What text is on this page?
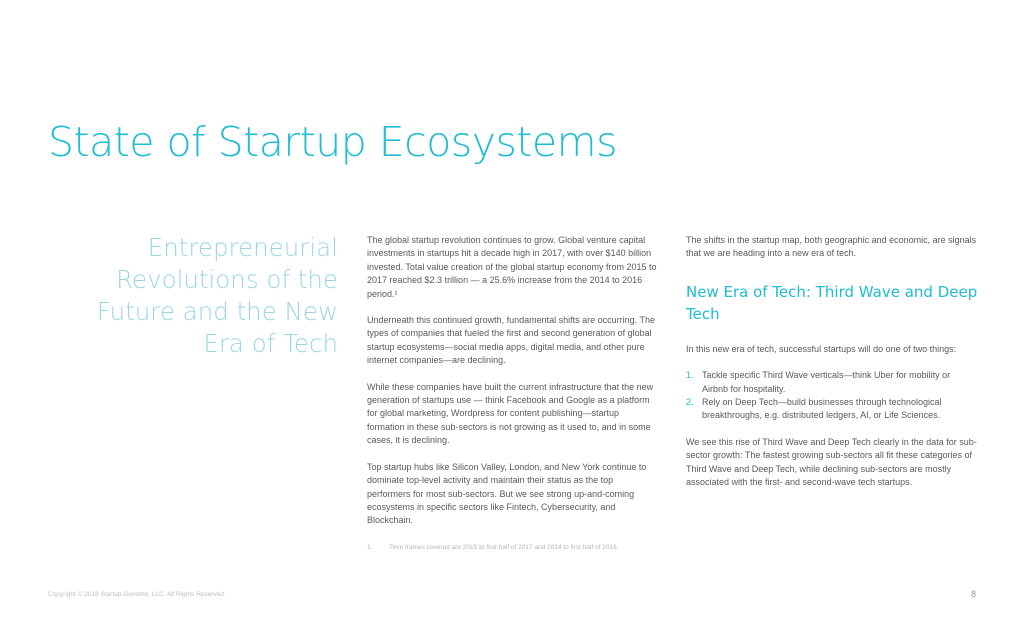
State of Startup Ecosystems
Entrepreneurial
Revolutions of the
Future and the New
Era of Tech

The global startup revolution continues to grow. Global venture capital investments in startups hit a decade high in 2017, with over $140 billion invested. Total value creation of the global startup economy from 2015 to 2017 reached $2.3 trillion — a 25.6% increase from the 2014 to 2016 period.¹

Underneath this continued growth, fundamental shifts are occurring. The types of companies that fueled the first and second generation of global startup ecosystems—social media apps, digital media, and other pure internet companies—are declining.

While these companies have built the current infrastructure that the new generation of startups use — think Facebook and Google as a platform for global marketing, Wordpress for content publishing—startup formation in these sub-sectors is not growing as it used to, and in some cases, it is declining.

Top startup hubs like Silicon Valley, London, and New York continue to dominate top-level activity and maintain their status as the top performers for most sub-sectors. But we see strong up-and-coming ecosystems in specific sectors like Fintech, Cybersecurity, and Blockchain.

1.	Time frames covered are 2015 to first half of 2017 and 2014 to first half of 2016.

The shifts in the startup map, both geographic and economic, are signals that we are heading into a new era of tech.

New Era of Tech: Third Wave and Deep Tech

In this new era of tech, successful startups will do one of two things:

1. Tackle specific Third Wave verticals—think Uber for mobility or Airbnb for hospitality.
2. Rely on Deep Tech—build businesses through technological breakthroughs, e.g. distributed ledgers, AI, or Life Sciences.

We see this rise of Third Wave and Deep Tech clearly in the data for sub-sector growth: The fastest growing sub-sectors all fit these categories of Third Wave and Deep Tech, while declining sub-sectors are mostly associated with the first- and second-wave tech startups.

Copyright © 2018 Startup Genome, LLC. All Rights Reserved.	8
